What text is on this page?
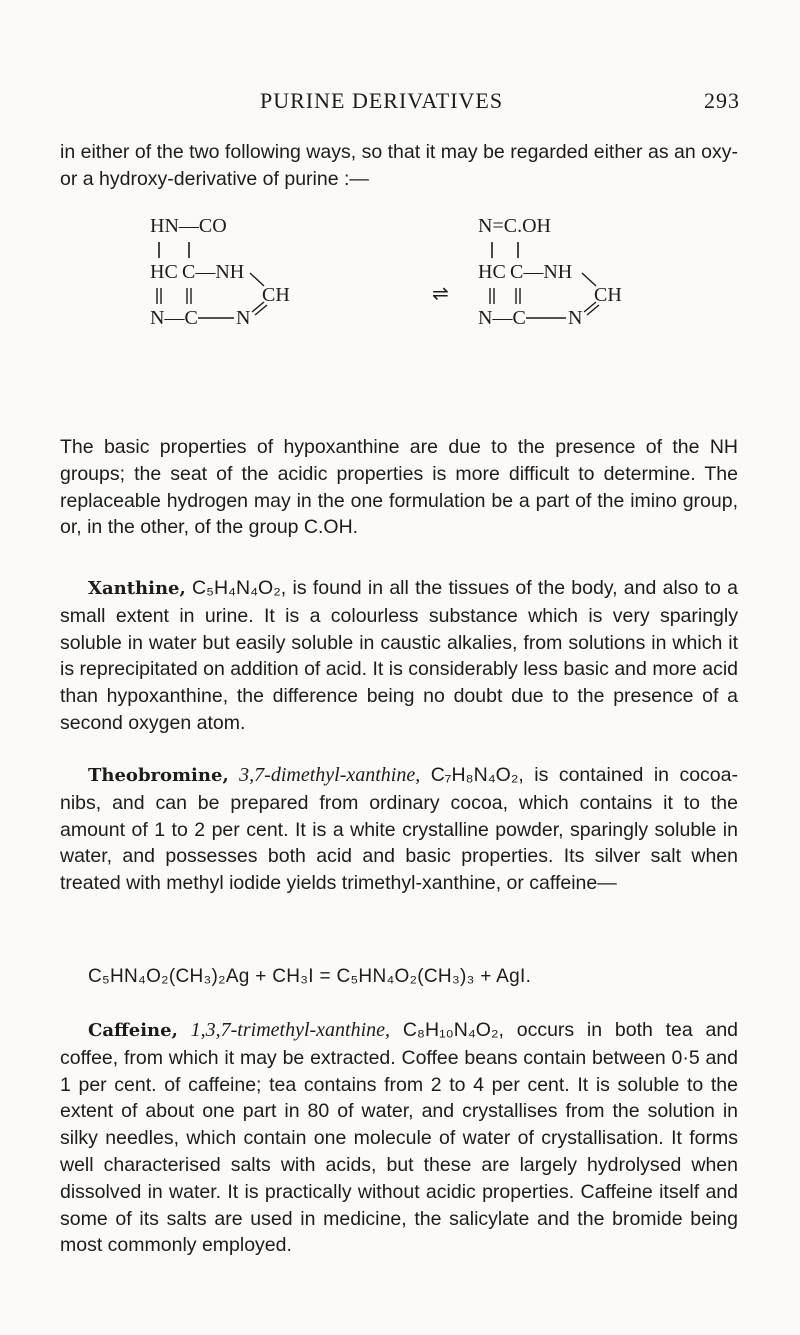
PURINE DERIVATIVES	293

in either of the two following ways, so that it may be regarded either as an oxy- or a hydroxy-derivative of purine :—

HN—CO
HC C—NH
CH
N—C N
⇌
N=C.OH
HC C—NH
CH
N—C N

The basic properties of hypoxanthine are due to the presence of the NH groups; the seat of the acidic properties is more difficult to determine. The replaceable hydrogen may in the one formulation be a part of the imino group, or, in the other, of the group C.OH.

Xanthine, C₅H₄N₄O₂, is found in all the tissues of the body, and also to a small extent in urine. It is a colourless substance which is very sparingly soluble in water but easily soluble in caustic alkalies, from solutions in which it is reprecipitated on addition of acid. It is considerably less basic and more acid than hypoxanthine, the difference being no doubt due to the presence of a second oxygen atom.

Theobromine, 3,7-dimethyl-xanthine, C₇H₈N₄O₂, is contained in cocoa-nibs, and can be prepared from ordinary cocoa, which contains it to the amount of 1 to 2 per cent. It is a white crystalline powder, sparingly soluble in water, and possesses both acid and basic properties. Its silver salt when treated with methyl iodide yields trimethyl-xanthine, or caffeine—

C₅HN₄O₂(CH₃)₂Ag + CH₃I = C₅HN₄O₂(CH₃)₃ + AgI.

Caffeine, 1,3,7-trimethyl-xanthine, C₈H₁₀N₄O₂, occurs in both tea and coffee, from which it may be extracted. Coffee beans contain between 0·5 and 1 per cent. of caffeine; tea contains from 2 to 4 per cent. It is soluble to the extent of about one part in 80 of water, and crystallises from the solution in silky needles, which contain one molecule of water of crystallisation. It forms well characterised salts with acids, but these are largely hydrolysed when dissolved in water. It is practically without acidic properties. Caffeine itself and some of its salts are used in medicine, the salicylate and the bromide being most commonly employed.
